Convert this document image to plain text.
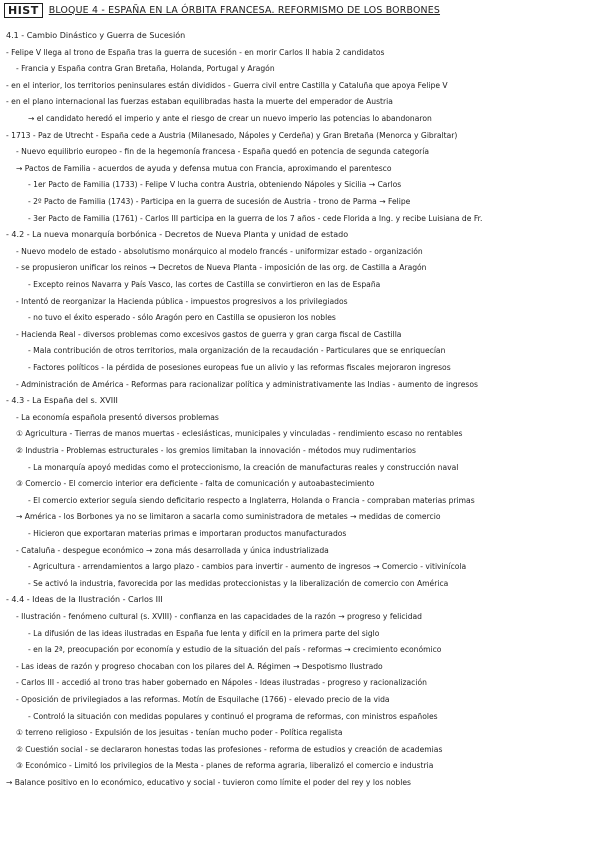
HIST	BLOQUE 4 - ESPAÑA EN LA ÓRBITA FRANCESA. REFORMISMO DE LOS BORBONES
4.1 - Cambio Dinástico y Guerra de Sucesión
- Felipe V llega al trono de España tras la guerra de sucesión - en morir Carlos II habia 2 candidatos
- Francia y España contra Gran Bretaña, Holanda, Portugal y Aragón
- en el interior, los territorios peninsulares están divididos - Guerra civil entre Castilla y Cataluña que apoya Felipe V
- en el plano internacional las fuerzas estaban equilibradas hasta la muerte del emperador de Austria
→ el candidato heredó el imperio y ante el riesgo de crear un nuevo imperio las potencias lo abandonaron
- 1713 - Paz de Utrecht - España cede a Austria (Milanesado, Nápoles y Cerdeña) y Gran Bretaña (Menorca y Gibraltar)
- Nuevo equilibrio europeo - fin de la hegemonía francesa - España quedó en potencia de segunda categoría
→ Pactos de Familia - acuerdos de ayuda y defensa mutua con Francia, aproximando el parentesco
- 1er Pacto de Familia (1733) - Felipe V lucha contra Austria, obteniendo Nápoles y Sicilia → Carlos
- 2º Pacto de Familia (1743) - Participa en la guerra de sucesión de Austria - trono de Parma → Felipe
- 3er Pacto de Familia (1761) - Carlos III participa en la guerra de los 7 años - cede Florida a Ing. y recibe Luisiana de Fr.
- 4.2 - La nueva monarquía borbónica - Decretos de Nueva Planta y unidad de estado
- Nuevo modelo de estado - absolutismo monárquico al modelo francés - uniformizar estado - organización
- se propusieron unificar los reinos → Decretos de Nueva Planta - imposición de las org. de Castilla a Aragón
- Excepto reinos Navarra y País Vasco, las cortes de Castilla se convirtieron en las de España
- Intentó de reorganizar la Hacienda pública - impuestos progresivos a los privilegiados
- no tuvo el éxito esperado - sólo Aragón pero en Castilla se opusieron los nobles
- Hacienda Real - diversos problemas como excesivos gastos de guerra y gran carga fiscal de Castilla
- Mala contribución de otros territorios, mala organización de la recaudación - Particulares que se enriquecían
- Factores políticos - la pérdida de posesiones europeas fue un alivio y las reformas fiscales mejoraron ingresos
- Administración de América - Reformas para racionalizar política y administrativamente las Indias - aumento de ingresos
- 4.3 - La España del s. XVIII
- La economía española presentó diversos problemas
① Agricultura - Tierras de manos muertas - eclesiásticas, municipales y vinculadas - rendimiento escaso no rentables
② Industria - Problemas estructurales - los gremios limitaban la innovación - métodos muy rudimentarios
- La monarquía apoyó medidas como el proteccionismo, la creación de manufacturas reales y construcción naval
③ Comercio - El comercio interior era deficiente - falta de comunicación y autoabastecimiento
- El comercio exterior seguía siendo deficitario respecto a Inglaterra, Holanda o Francia - compraban materias primas
→ América - los Borbones ya no se limitaron a sacarla como suministradora de metales → medidas de comercio
- Hicieron que exportaran materias primas e importaran productos manufacturados
- Cataluña - despegue económico → zona más desarrollada y única industrializada
- Agricultura - arrendamientos a largo plazo - cambios para invertir - aumento de ingresos → Comercio - vitivinícola
- Se activó la industria, favorecida por las medidas proteccionistas y la liberalización de comercio con América
- 4.4 - Ideas de la Ilustración - Carlos III
- Ilustración - fenómeno cultural (s. XVIII) - confianza en las capacidades de la razón → progreso y felicidad
- La difusión de las ideas ilustradas en España fue lenta y difícil en la primera parte del siglo
- en la 2ª, preocupación por economía y estudio de la situación del país - reformas → crecimiento económico
- Las ideas de razón y progreso chocaban con los pilares del A. Régimen → Despotismo Ilustrado
- Carlos III - accedió al trono tras haber gobernado en Nápoles - Ideas ilustradas - progreso y racionalización
- Oposición de privilegiados a las reformas. Motín de Esquilache (1766) - elevado precio de la vida
- Controló la situación con medidas populares y continuó el programa de reformas, con ministros españoles
① terreno religioso - Expulsión de los jesuitas - tenían mucho poder - Política regalista
② Cuestión social - se declararon honestas todas las profesiones - reforma de estudios y creación de academias
③ Económico - Limitó los privilegios de la Mesta - planes de reforma agraria, liberalizó el comercio e industria
→ Balance positivo en lo económico, educativo y social - tuvieron como límite el poder del rey y los nobles
